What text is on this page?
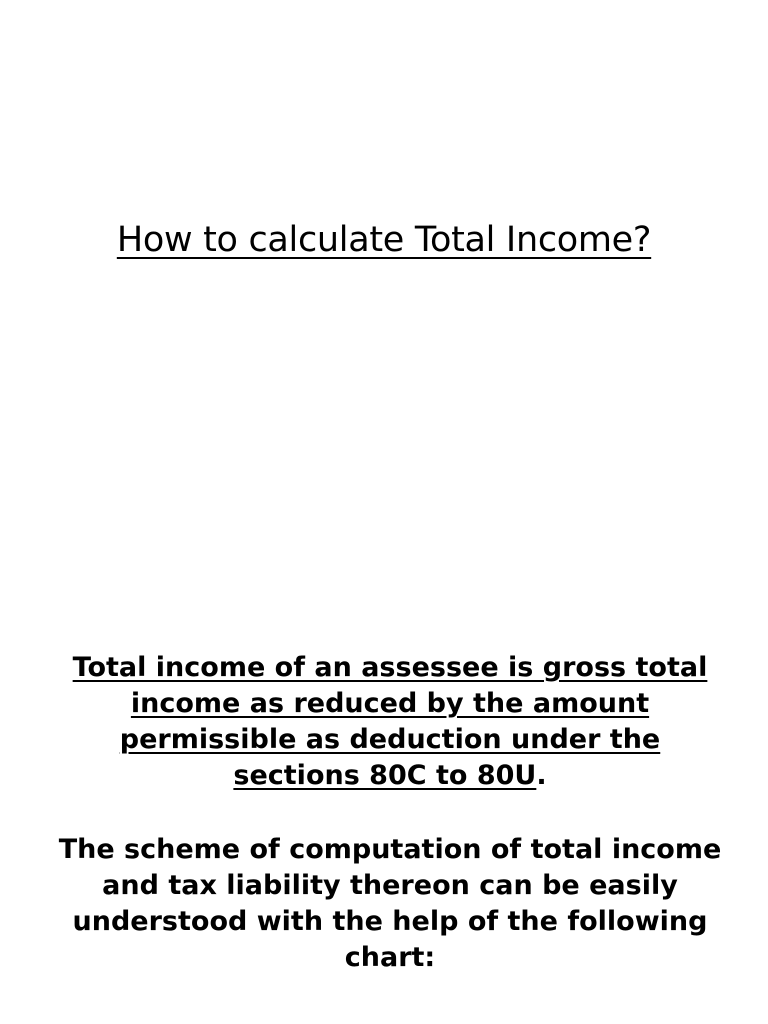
How to calculate Total Income?

Total income of an assessee is gross total income as reduced by the amount permissible as deduction under the sections 80C to 80U.

The scheme of computation of total income and tax liability thereon can be easily understood with the help of the following chart:
